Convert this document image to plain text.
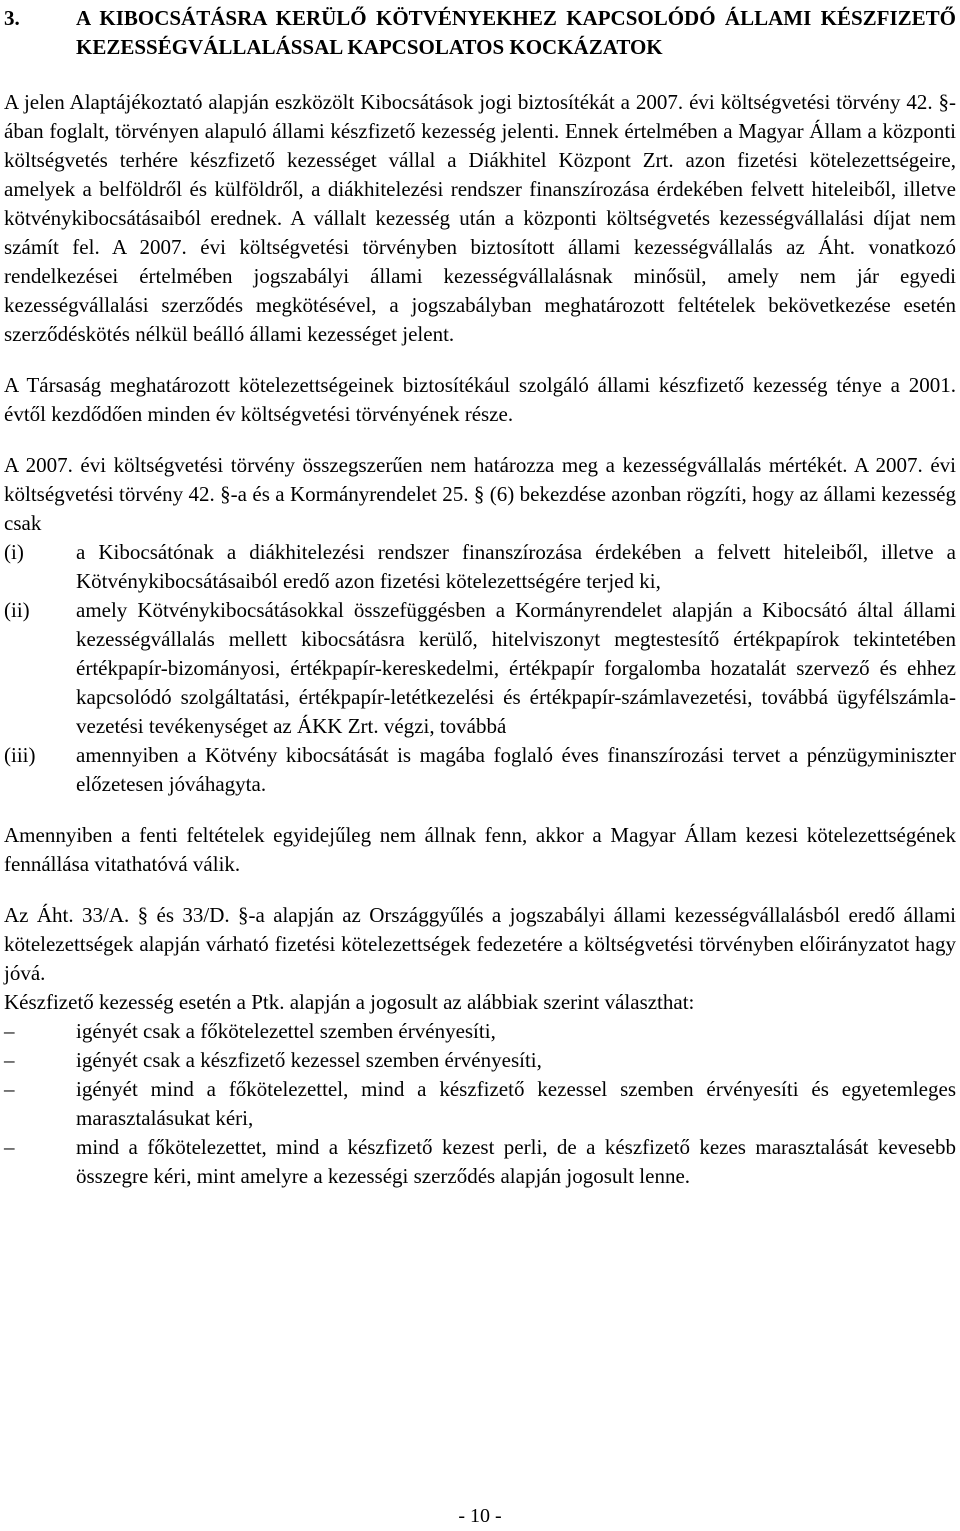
3.	A KIBOCSÁTÁSRA KERÜLŐ KÖTVÉNYEKHEZ KAPCSOLÓDÓ ÁLLAMI KÉSZFIZETŐ KEZESSÉGVÁLLALÁSSAL KAPCSOLATOS KOCKÁZATOK

A jelen Alaptájékoztató alapján eszközölt Kibocsátások jogi biztosítékát a 2007. évi költségvetési törvény 42. §-ában foglalt, törvényen alapuló állami készfizető kezesség jelenti. Ennek értelmében a Magyar Állam a központi költségvetés terhére készfizető kezességet vállal a Diákhitel Központ Zrt. azon fizetési kötelezettségeire, amelyek a belföldről és külföldről, a diákhitelezési rendszer finanszírozása érdekében felvett hiteleiből, illetve kötvénykibocsátásaiból erednek. A vállalt kezesség után a központi költségvetés kezességvállalási díjat nem számít fel. A 2007. évi költségvetési törvényben biztosított állami kezességvállalás az Áht. vonatkozó rendelkezései értelmében jogszabályi állami kezességvállalásnak minősül, amely nem jár egyedi kezességvállalási szerződés megkötésével, a jogszabályban meghatározott feltételek bekövetkezése esetén szerződéskötés nélkül beálló állami kezességet jelent.

A Társaság meghatározott kötelezettségeinek biztosítékául szolgáló állami készfizető kezesség ténye a 2001. évtől kezdődően minden év költségvetési törvényének része.

A 2007. évi költségvetési törvény összegszerűen nem határozza meg a kezességvállalás mértékét. A 2007. évi költségvetési törvény 42. §-a és a Kormányrendelet 25. § (6) bekezdése azonban rögzíti, hogy az állami kezesség csak

(i)	a Kibocsátónak a diákhitelezési rendszer finanszírozása érdekében a felvett hiteleiből, illetve a Kötvénykibocsátásaiból eredő azon fizetési kötelezettségére terjed ki,
(ii)	amely Kötvénykibocsátásokkal összefüggésben a Kormányrendelet alapján a Kibocsátó által állami kezességvállalás mellett kibocsátásra kerülő, hitelviszonyt megtestesítő értékpapírok tekintetében értékpapír-bizományosi, értékpapír-kereskedelmi, értékpapír forgalomba hozatalát szervező és ehhez kapcsolódó szolgáltatási, értékpapír-letétkezelési és értékpapír-számlavezetési, továbbá ügyfélszámla-vezetési tevékenységet az ÁKK Zrt. végzi, továbbá
(iii)	amennyiben a Kötvény kibocsátását is magába foglaló éves finanszírozási tervet a pénzügyminiszter előzetesen jóváhagyta.

Amennyiben a fenti feltételek egyidejűleg nem állnak fenn, akkor a Magyar Állam kezesi kötelezettségének fennállása vitathatóvá válik.

Az Áht. 33/A. § és 33/D. §-a alapján az Országgyűlés a jogszabályi állami kezességvállalásból eredő állami kötelezettségek alapján várható fizetési kötelezettségek fedezetére a költségvetési törvényben előirányzatot hagy jóvá.

Készfizető kezesség esetén a Ptk. alapján a jogosult az alábbiak szerint választhat:

–	igényét csak a főkötelezettel szemben érvényesíti,
–	igényét csak a készfizető kezessel szemben érvényesíti,
–	igényét mind a főkötelezettel, mind a készfizető kezessel szemben érvényesíti és egyetemleges marasztalásukat kéri,
–	mind a főkötelezettet, mind a készfizető kezest perli, de a készfizető kezes marasztalását kevesebb összegre kéri, mint amelyre a kezességi szerződés alapján jogosult lenne.
- 10 -
